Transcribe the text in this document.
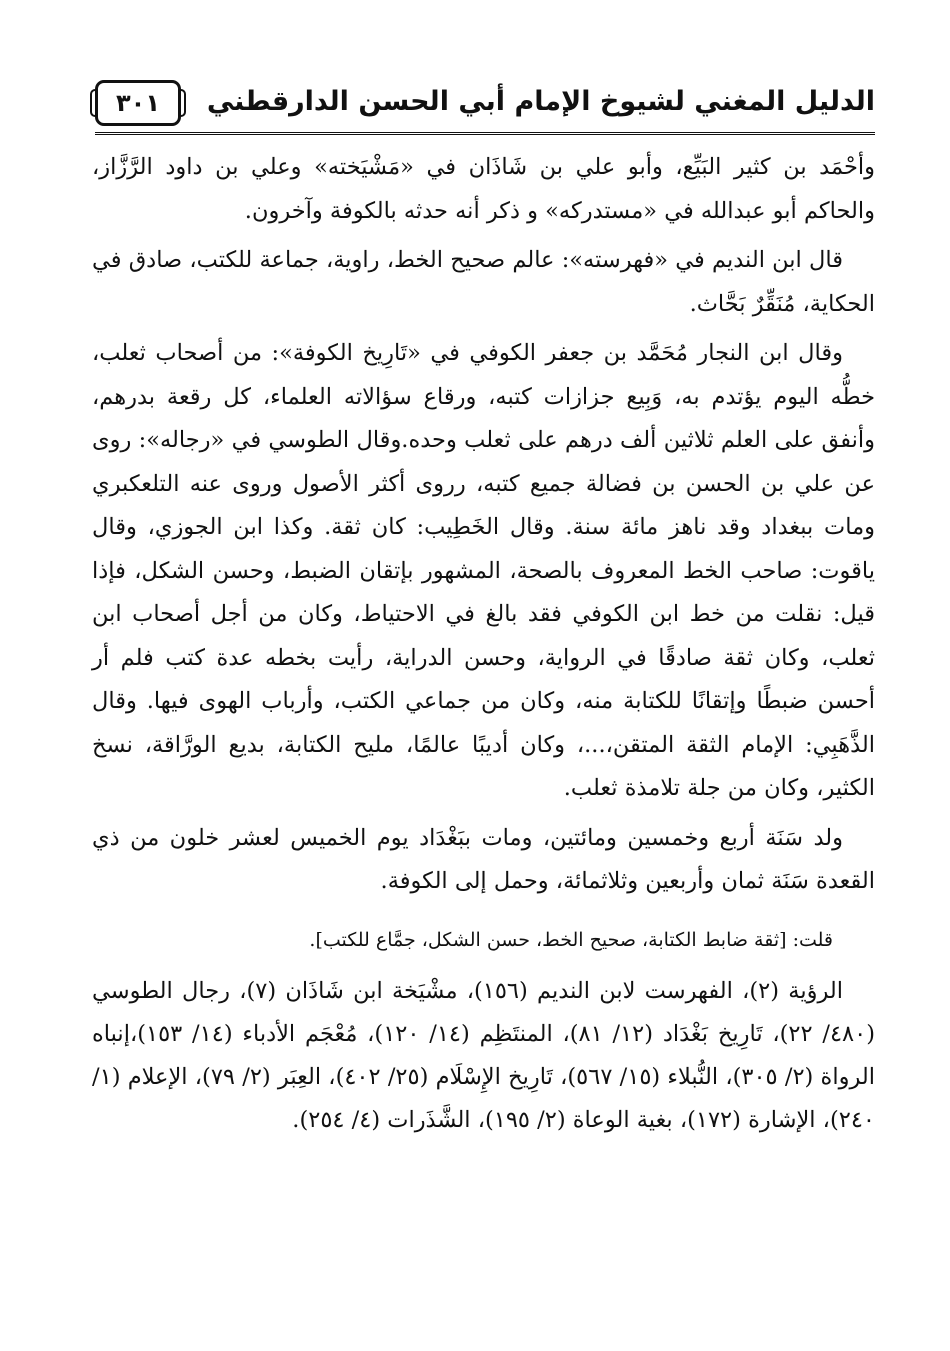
الدليل المغني لشيوخ الإمام أبي الحسن الدارقطني
٣٠١

وأحْمَد بن كثير البَيِّع، وأبو علي بن شَاذَان في «مَشْيَخته» وعلي بن داود الرَّزَّاز، والحاكم أبو عبدالله في «مستدركه» و ذكر أنه حدثه بالكوفة وآخرون.

قال ابن النديم في «فهرسته»: عالم صحيح الخط، راوية، جماعة للكتب، صادق في الحكاية، مُنَقِّرٌ بَحَّاث.

وقال ابن النجار مُحَمَّد بن جعفر الكوفي في «تَارِيخ الكوفة»: من أصحاب ثعلب، خطُّه اليوم يؤتدم به، وَبِيع جزازات كتبه، ورقاع سؤالاته العلماء، كل رقعة بدرهم، وأنفق على العلم ثلاثين ألف درهم على ثعلب وحده.وقال الطوسي في «رجاله»: روى عن علي بن الحسن بن فضالة جميع كتبه، رروى أكثر الأصول وروى عنه التلعكبري ومات ببغداد وقد ناهز مائة سنة. وقال الخَطِيب: كان ثقة. وكذا ابن الجوزي، وقال ياقوت: صاحب الخط المعروف بالصحة، المشهور بإتقان الضبط، وحسن الشكل، فإذا قيل: نقلت من خط ابن الكوفي فقد بالغ في الاحتياط، وكان من أجل أصحاب ابن ثعلب، وكان ثقة صادقًا في الرواية، وحسن الدراية، رأيت بخطه عدة كتب فلم أر أحسن ضبطًا وإتقانًا للكتابة منه، وكان من جماعي الكتب، وأرباب الهوى فيها. وقال الذَّهَبِي: الإمام الثقة المتقن،...، وكان أديبًا عالمًا، مليح الكتابة، بديع الورَّاقة، نسخ الكثير، وكان من جلة تلامذة ثعلب.

ولد سَنَة أربع وخمسين ومائتين، ومات ببَغْدَاد يوم الخميس لعشر خلون من ذي القعدة سَنَة ثمان وأربعين وثلاثمائة، وحمل إلى الكوفة.

قلت: [ثقة ضابط الكتابة، صحيح الخط، حسن الشكل، جمَّاع للكتب].

الرؤية (٢)، الفهرست لابن النديم (١٥٦)، مشْيَخة ابن شَاذَان (٧)، رجال الطوسي (٤٨٠/ ٢٢)، تَارِيخ بَغْدَاد (١٢/ ٨١)، المنتَظِم (١٤/ ١٢٠)، مُعْجَم الأدباء (١٤/ ١٥٣)،إنباه الرواة (٢/ ٣٠٥)، النُّبلاء (١٥/ ٥٦٧)، تَارِيخ الإِسْلَام (٢٥/ ٤٠٢)، العِبَر (٢/ ٧٩)، الإعلام (١/ ٢٤٠)، الإشارة (١٧٢)، بغية الوعاة (٢/ ١٩٥)، الشَّذَرات (٤/ ٢٥٤).
